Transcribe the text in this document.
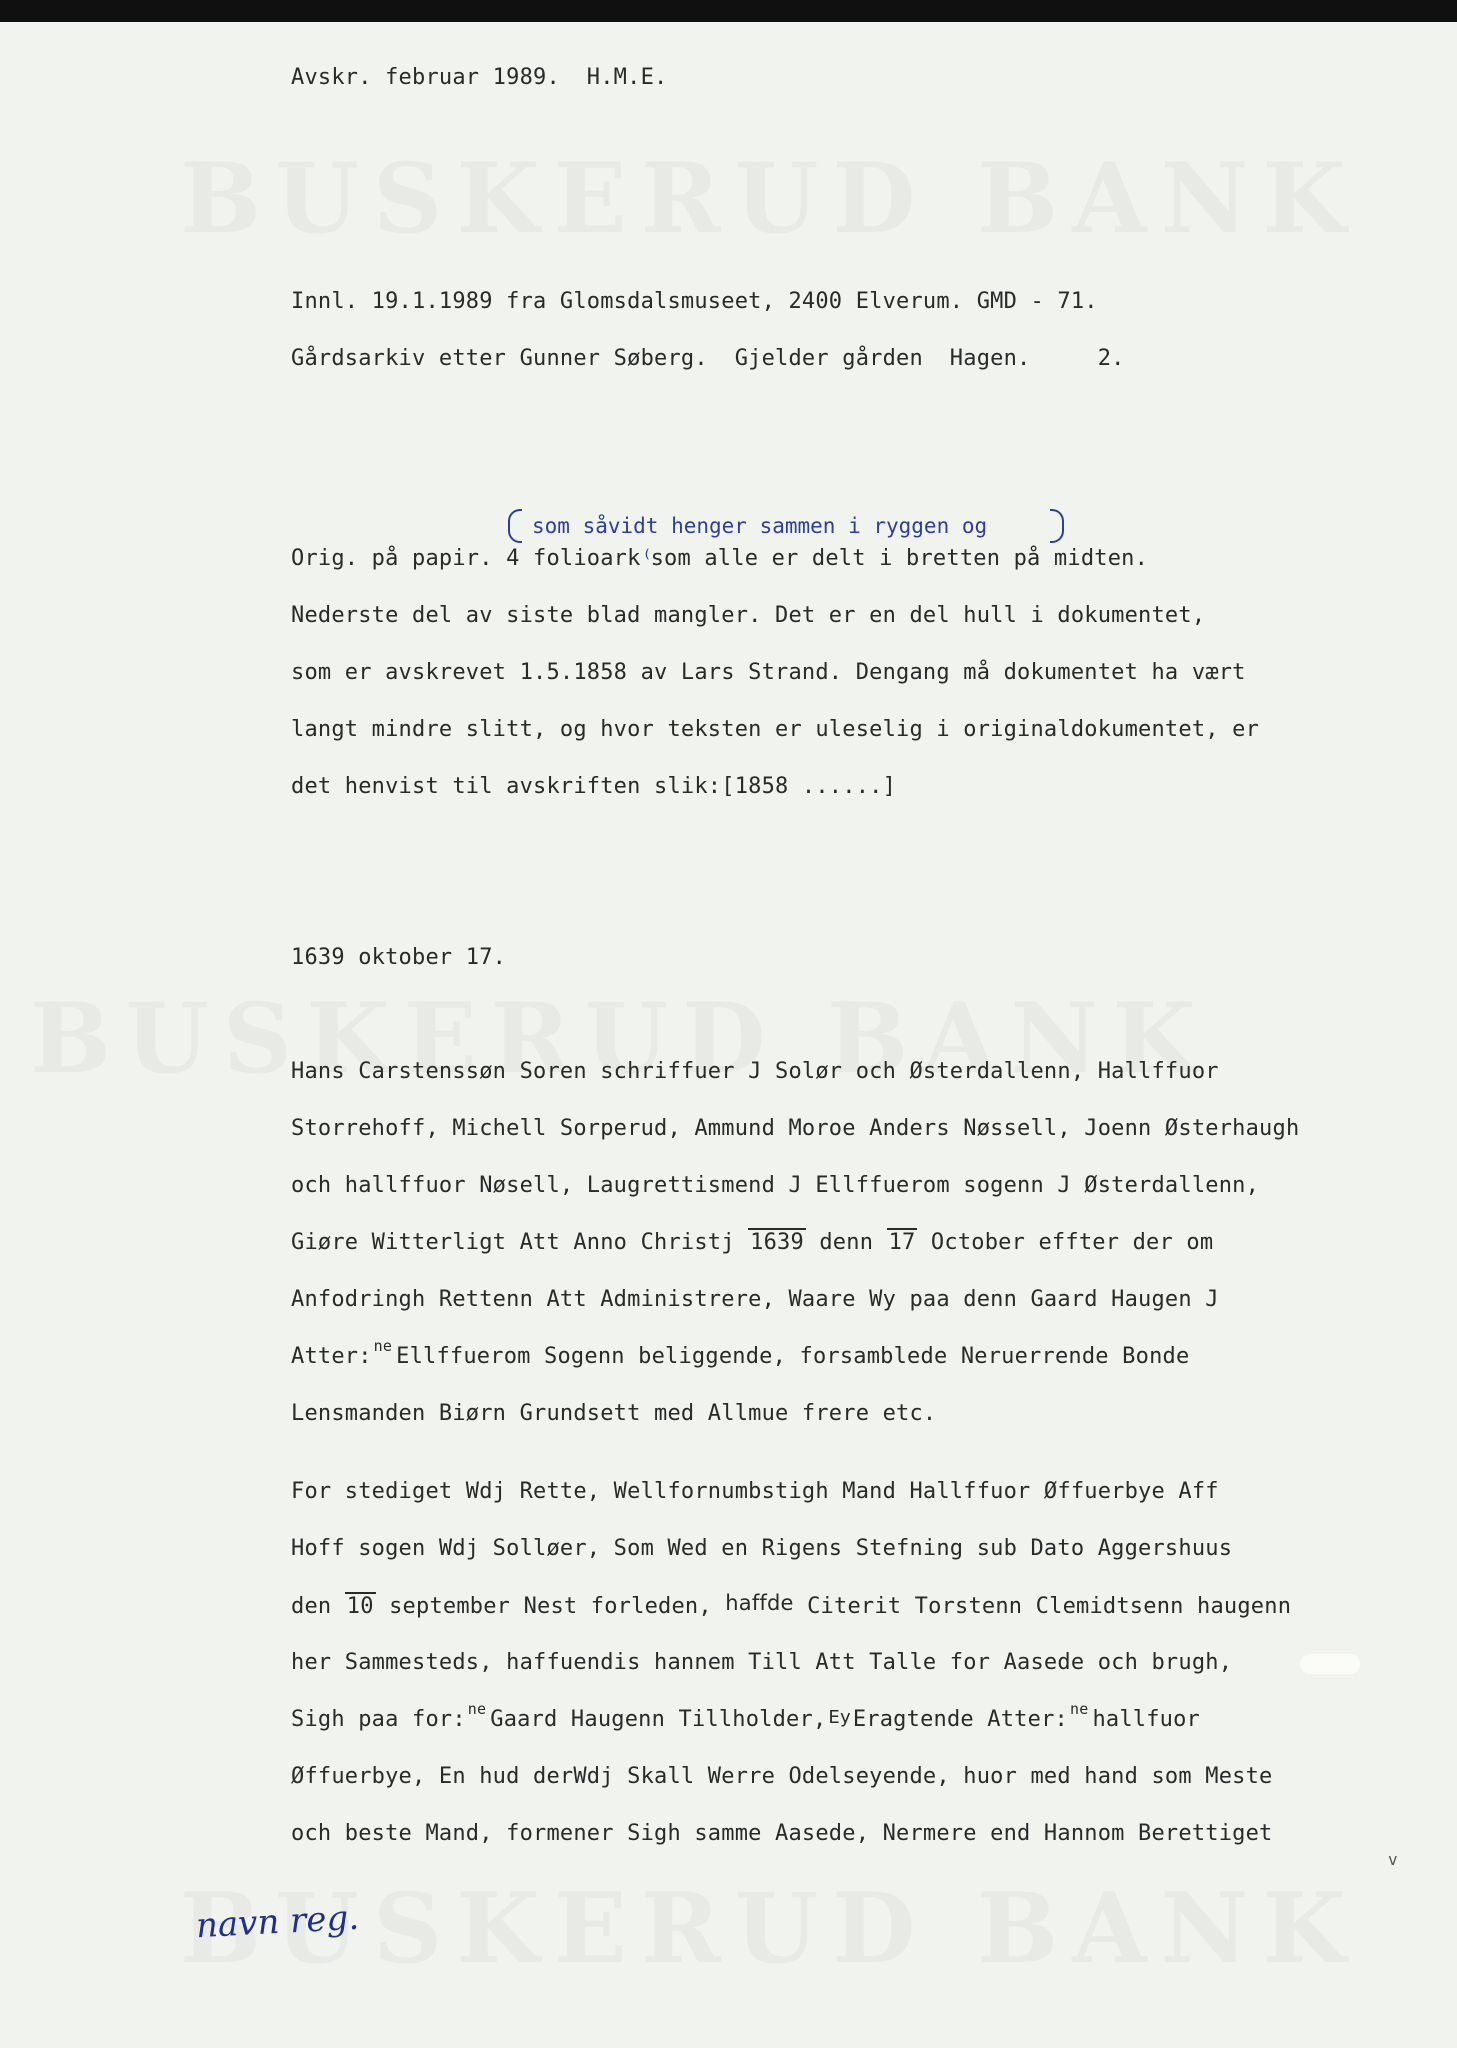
Avskr. februar 1989.  H.M.E.
Innl. 19.1.1989 fra Glomsdalsmuseet, 2400 Elverum. GMD - 71.
Gårdsarkiv etter Gunner Søberg.  Gjelder gården  Hagen.	2.
som såvidt henger sammen i ryggen og
Orig. på papir. 4 folioark⁽som alle er delt i bretten på midten.
Nederste del av siste blad mangler. Det er en del hull i dokumentet,
som er avskrevet 1.5.1858 av Lars Strand. Dengang må dokumentet ha vært
langt mindre slitt, og hvor teksten er uleselig i originaldokumentet, er
det henvist til avskriften slik:[1858 ......]
1639 oktober 17.
Hans Carstenssøn Soren schriffuer J Solør och Østerdallenn, Hallffuor
Storrehoff, Michell Sorperud, Ammund Moroe Anders Nøssell, Joenn Østerhaugh
och hallffuor Nøsell, Laugrettismend J Ellffuerom sogenn J Østerdallenn,
Giøre Witterligt Att Anno Christj 1639 denn 17 October effter der om
Anfodringh Rettenn Att Administrere, Waare Wy paa denn Gaard Haugen J
Atter: $^{ne}$ Ellffuerom Sogenn beliggende, forsamblede Neruerrende Bonde
Lensmanden Biørn Grundsett med Allmue frere etc.
For stediget Wdj Rette, Wellfornumbstigh Mand Hallffuor Øffuerbye Aff
Hoff sogen Wdj Solløer, Som Wed en Rigens Stefning sub Dato Aggershuus
den 10 september Nest forleden, haffde Citerit Torstenn Clemidtsenn haugenn
her Sammesteds, haffuendis hannem Till Att Talle for Aasede och brugh,
Sigh paa for: $^{ne}$ Gaard Haugenn Tillholder, EyEragtende Atter: $^{ne}$ hallfuor
Øffuerbye, En hud derWdj Skall Werre Odelseyende, huor med hand som Meste
och beste Mand, formener Sigh samme Aasede, Nermere end Hannom Berettiget
v
navn reg.
